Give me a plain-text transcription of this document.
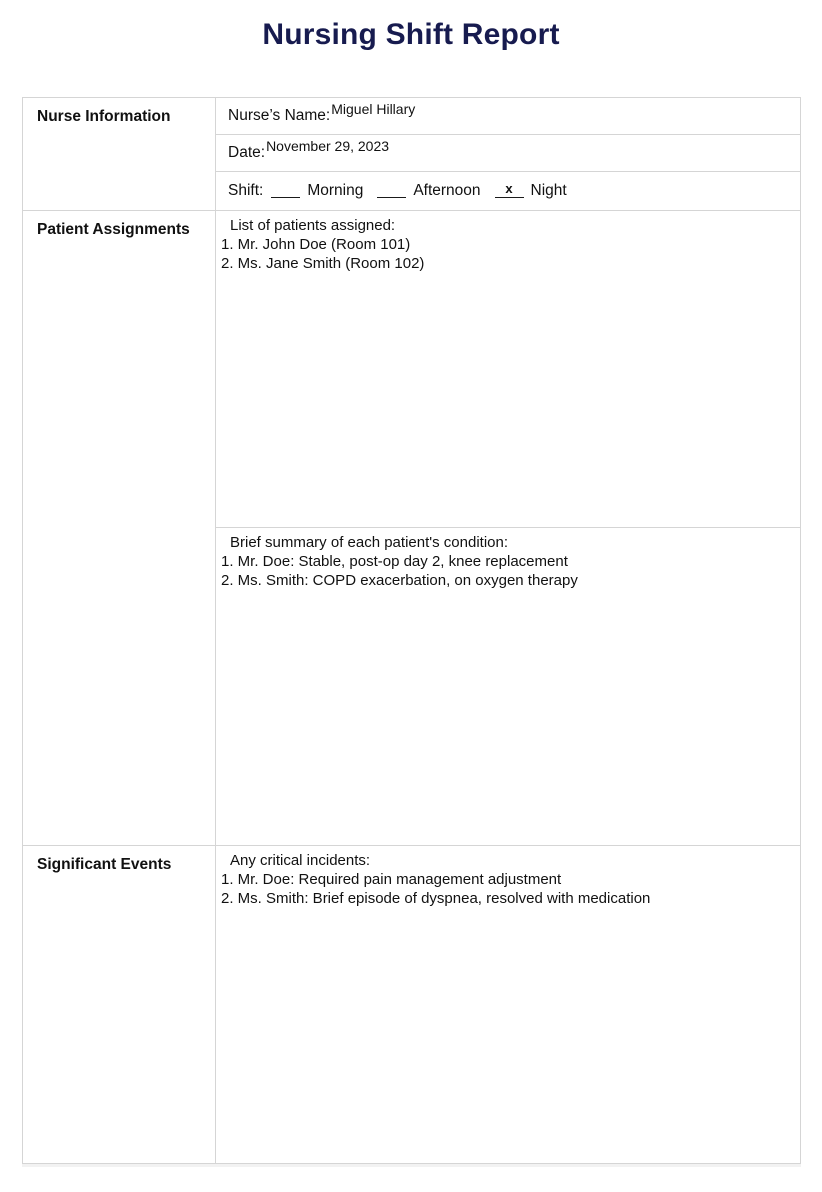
Nursing Shift Report
Nurse Information	Nurse’s Name:Miguel Hillary
	Date:November 29, 2023
	Shift: Morning Afternoon x Night
Patient Assignments	List of patients assigned:
1. Mr. John Doe (Room 101)
2. Ms. Jane Smith (Room 102)

	Brief summary of each patient's condition:
1. Mr. Doe: Stable, post-op day 2, knee replacement
2. Ms. Smith: COPD exacerbation, on oxygen therapy

Significant Events	Any critical incidents:
1. Mr. Doe: Required pain management adjustment
2. Ms. Smith: Brief episode of dyspnea, resolved with medication
